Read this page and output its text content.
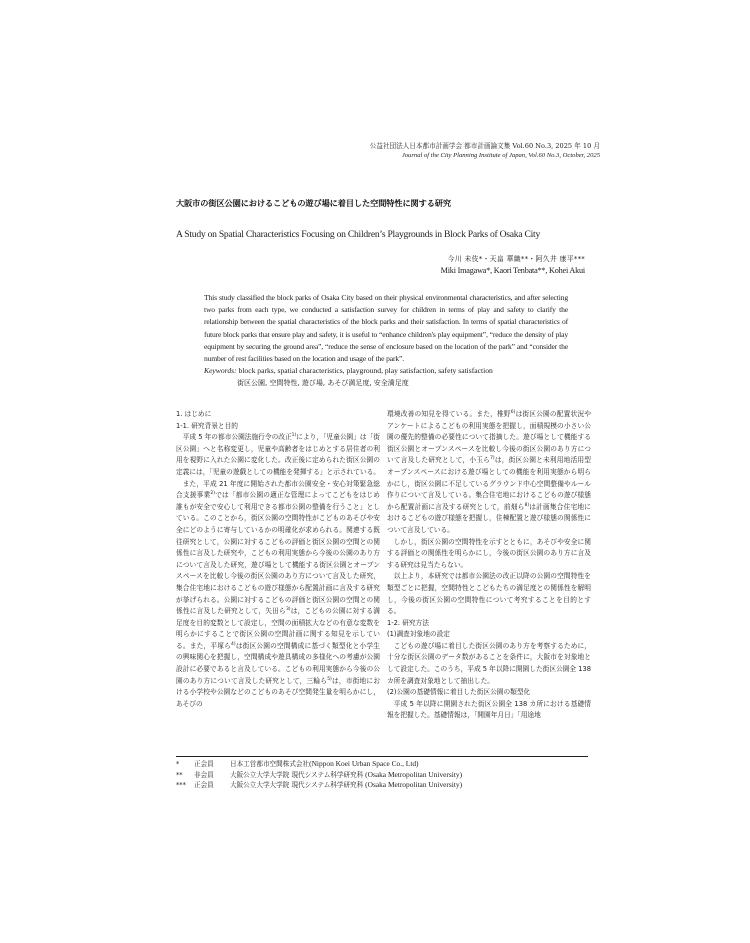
公益社団法人日本都市計画学会 都市計画論文集 Vol.60 No.3, 2025 年 10 月
Journal of the City Planning Institute of Japan, Vol.60 No.3, October, 2025
大阪市の街区公園におけるこどもの遊び場に着目した空間特性に関する研究
A Study on Spatial Characteristics Focusing on Children’s Playgrounds in Block Parks of Osaka City
今川 未伎*・天畠 華織**・阿久井 康平***
Miki Imagawa*, Kaori Tenbata**, Kohei Akui
This study classified the block parks of Osaka City based on their physical environmental characteristics, and after selecting two parks from each type, we conducted a satisfaction survey for children in terms of play and safety to clarify the relationship between the spatial characteristics of the block parks and their satisfaction. In terms of spatial characteristics of future block parks that ensure play and safety, it is useful to “enhance children's play equipment”, “reduce the density of play equipment by securing the ground area”, “reduce the sense of enclosure based on the location of the park” and “consider the number of rest facilities based on the location and usage of the park”.
Keywords: block parks, spatial characteristics, playground, play satisfaction, safety satisfaction
街区公園, 空間特性, 遊び場, あそび満足度, 安全満足度

1. はじめに

1-1. 研究背景と目的

平成 5 年の都市公園法施行令の改正$^{1)}$により，「児童公園」は「街区公園」へと名称変更し，児童や高齢者をはじめとする居住者の利用を視野に入れた公園に変化した。改正後に定められた街区公園の定義には，「児童の遊戯としての機能を発揮する」と示されている。

また，平成 21 年度に開始された都市公園安全・安心対策緊急総合支援事業$^{2)}$では「都市公園の適正な管理によってこどもをはじめ誰もが安全で安心して利用できる都市公園の整備を行うこと」としている。このことから，街区公園の空間特性がこどものあそびや安全にどのように寄与しているかの明確化が求められる。関連する既往研究として，公園に対するこどもの評価と街区公園の空間との関係性に言及した研究や，こどもの利用実態から今後の公園のあり方について言及した研究，遊び場として機能する街区公園とオープンスペースを比較し今後の街区公園のあり方について言及した研究，集合住宅地におけるこどもの遊び様態から配置計画に言及する研究が挙げられる。公園に対するこどもの評価と街区公園の空間との関係性に言及した研究として，矢田ら$^{3)}$は，こどもの公園に対する満足度を目的変数として設定し，空間の面積拡大などの有意な変数を明らかにすることで街区公園の空間計画に関する知見を示している。また，平塚ら$^{4)}$は街区公園の空間構成に基づく類型化と小学生の興味関心を把握し，空間構成や遊具構成の多様化への考慮が公園設計に必要であると言及している。こどもの利用実態から今後の公園のあり方について言及した研究として，三輪ら$^{5)}$は，市街地における小学校や公園などのこどものあそび空間発生量を明らかにし，あそびの

環境改善の知見を得ている。また，椎野$^{6)}$は街区公園の配置状況やアンケートによるこどもの利用実態を把握し，面積規模の小さい公園の優先的整備の必要性について指摘した。遊び場として機能する街区公園とオープンスペースを比較し今後の街区公園のあり方について言及した研究として，小玉ら$^{7)}$は，街区公園と未利用地活用型オープンスペースにおける遊び場としての機能を利用実態から明らかにし，街区公園に不足しているグラウンド中心空間整備やルール作りについて言及している。集合住宅地におけるこどもの遊び様態から配置計画に言及する研究として，前畑ら$^{8)}$は計画集合住宅地におけるこどもの遊び様態を把握し，住棟配置と遊び様態の関係性について言及している。

しかし，街区公園の空間特性を示すとともに，あそびや安全に関する評価との関係性を明らかにし，今後の街区公園のあり方に言及する研究は見当たらない。

以上より，本研究では都市公園法の改正以降の公園の空間特性を類型ごとに把握，空間特性とこどもたちの満足度との関係性を解明し，今後の街区公園の空間特性について考究することを目的とする。

1-2. 研究方法

(1)調査対象地の設定

こどもの遊び場に着目した街区公園のあり方を考察するために，十分な街区公園のデータ数があることを条件に，大阪市を対象地として設定した。このうち，平成 5 年以降に開園した街区公園全 138 カ所を調査対象地として抽出した。

(2)公園の基礎情報に着目した街区公園の類型化

平成 5 年以降に開園された街区公園全 138 カ所における基礎情報を把握した。基礎情報は，「開園年月日」「用途地

* 正会員 日本工営都市空間株式会社(Nippon Koei Urban Space Co., Ltd)
** 非会員 大阪公立大学大学院 現代システム科学研究科 (Osaka Metropolitan University)
*** 正会員 大阪公立大学大学院 現代システム科学研究科 (Osaka Metropolitan University)
